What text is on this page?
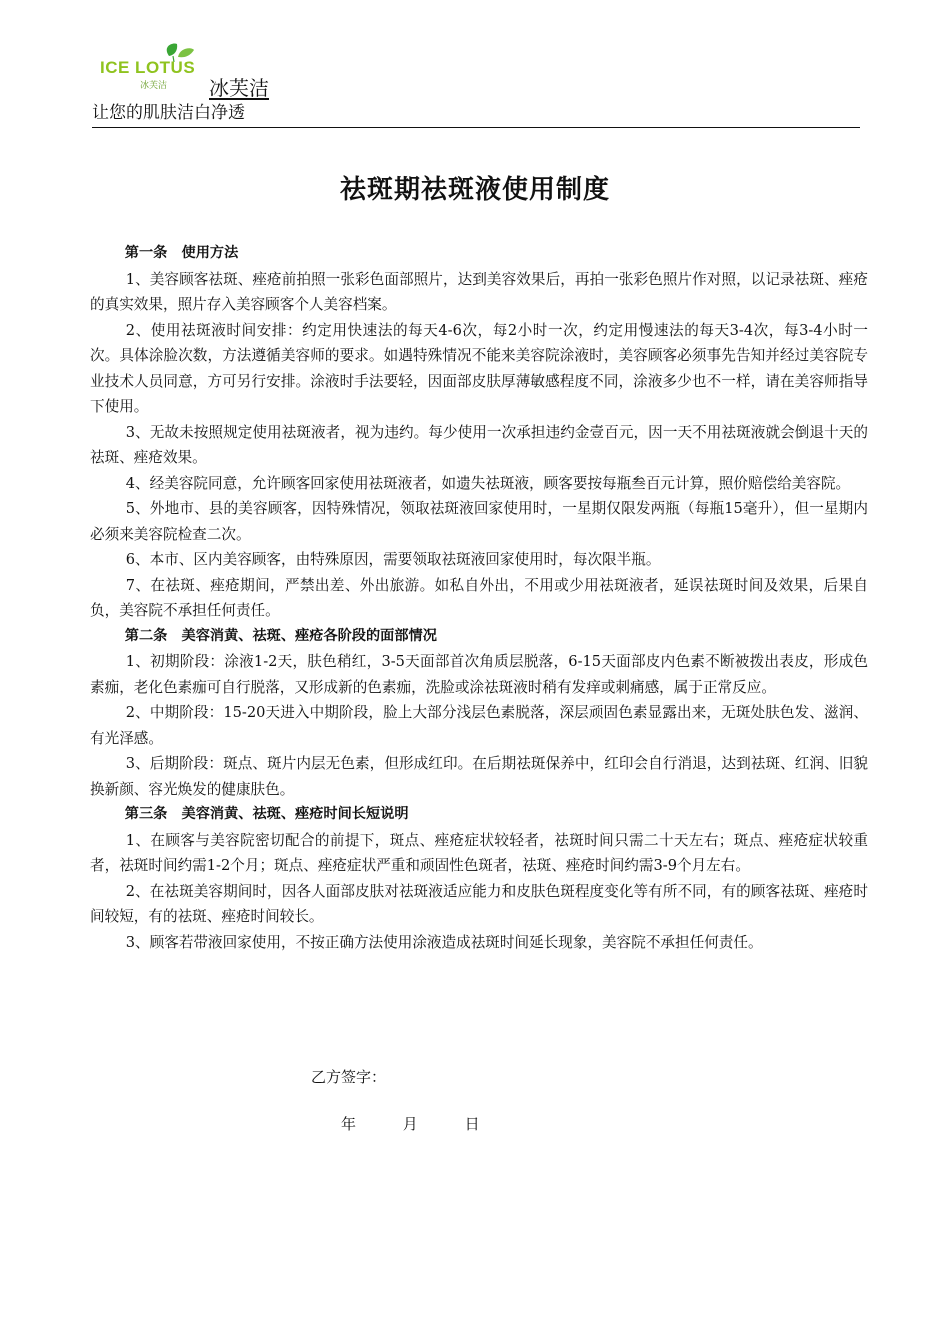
ICE LOTUS
冰芙洁 冰芙洁
让您的肌肤洁白净透
祛斑期祛斑液使用制度

第一条　使用方法

1、美容顾客祛斑、痤疮前拍照一张彩色面部照片，达到美容效果后，再拍一张彩色照片作对照，以记录祛斑、痤疮的真实效果，照片存入美容顾客个人美容档案。

2、使用祛斑液时间安排：约定用快速法的每天4-6次，每2小时一次，约定用慢速法的每天3-4次，每3-4小时一次。具体涂脸次数，方法遵循美容师的要求。如遇特殊情况不能来美容院涂液时，美容顾客必须事先告知并经过美容院专业技术人员同意，方可另行安排。涂液时手法要轻，因面部皮肤厚薄敏感程度不同，涂液多少也不一样，请在美容师指导下使用。

3、无故未按照规定使用祛斑液者，视为违约。每少使用一次承担违约金壹百元，因一天不用祛斑液就会倒退十天的祛斑、痤疮效果。

4、经美容院同意，允许顾客回家使用祛斑液者，如遗失祛斑液，顾客要按每瓶叁百元计算，照价赔偿给美容院。

5、外地市、县的美容顾客，因特殊情况，领取祛斑液回家使用时，一星期仅限发两瓶（每瓶15毫升），但一星期内必须来美容院检查二次。

6、本市、区内美容顾客，由特殊原因，需要领取祛斑液回家使用时，每次限半瓶。

7、在祛斑、痤疮期间，严禁出差、外出旅游。如私自外出，不用或少用祛斑液者，延误祛斑时间及效果，后果自负，美容院不承担任何责任。

第二条　美容消黄、祛斑、痤疮各阶段的面部情况

1、初期阶段：涂液1-2天，肤色稍红，3-5天面部首次角质层脱落，6-15天面部皮内色素不断被拨出表皮，形成色素痂，老化色素痂可自行脱落，又形成新的色素痂，洗脸或涂祛斑液时稍有发痒或刺痛感，属于正常反应。

2、中期阶段：15-20天进入中期阶段，脸上大部分浅层色素脱落，深层顽固色素显露出来，无斑处肤色发、滋润、有光泽感。

3、后期阶段：斑点、斑片内层无色素，但形成红印。在后期祛斑保养中，红印会自行消退，达到祛斑、红润、旧貌换新颜、容光焕发的健康肤色。

第三条　美容消黄、祛斑、痤疮时间长短说明

1、在顾客与美容院密切配合的前提下，斑点、痤疮症状较轻者，祛斑时间只需二十天左右；斑点、痤疮症状较重者，祛斑时间约需1-2个月；斑点、痤疮症状严重和顽固性色斑者，祛斑、痤疮时间约需3-9个月左右。

2、在祛斑美容期间时，因各人面部皮肤对祛斑液适应能力和皮肤色斑程度变化等有所不同，有的顾客祛斑、痤疮时间较短，有的祛斑、痤疮时间较长。

3、顾客若带液回家使用，不按正确方法使用涂液造成祛斑时间延长现象，美容院不承担任何责任。

乙方签字：
年	月	日
